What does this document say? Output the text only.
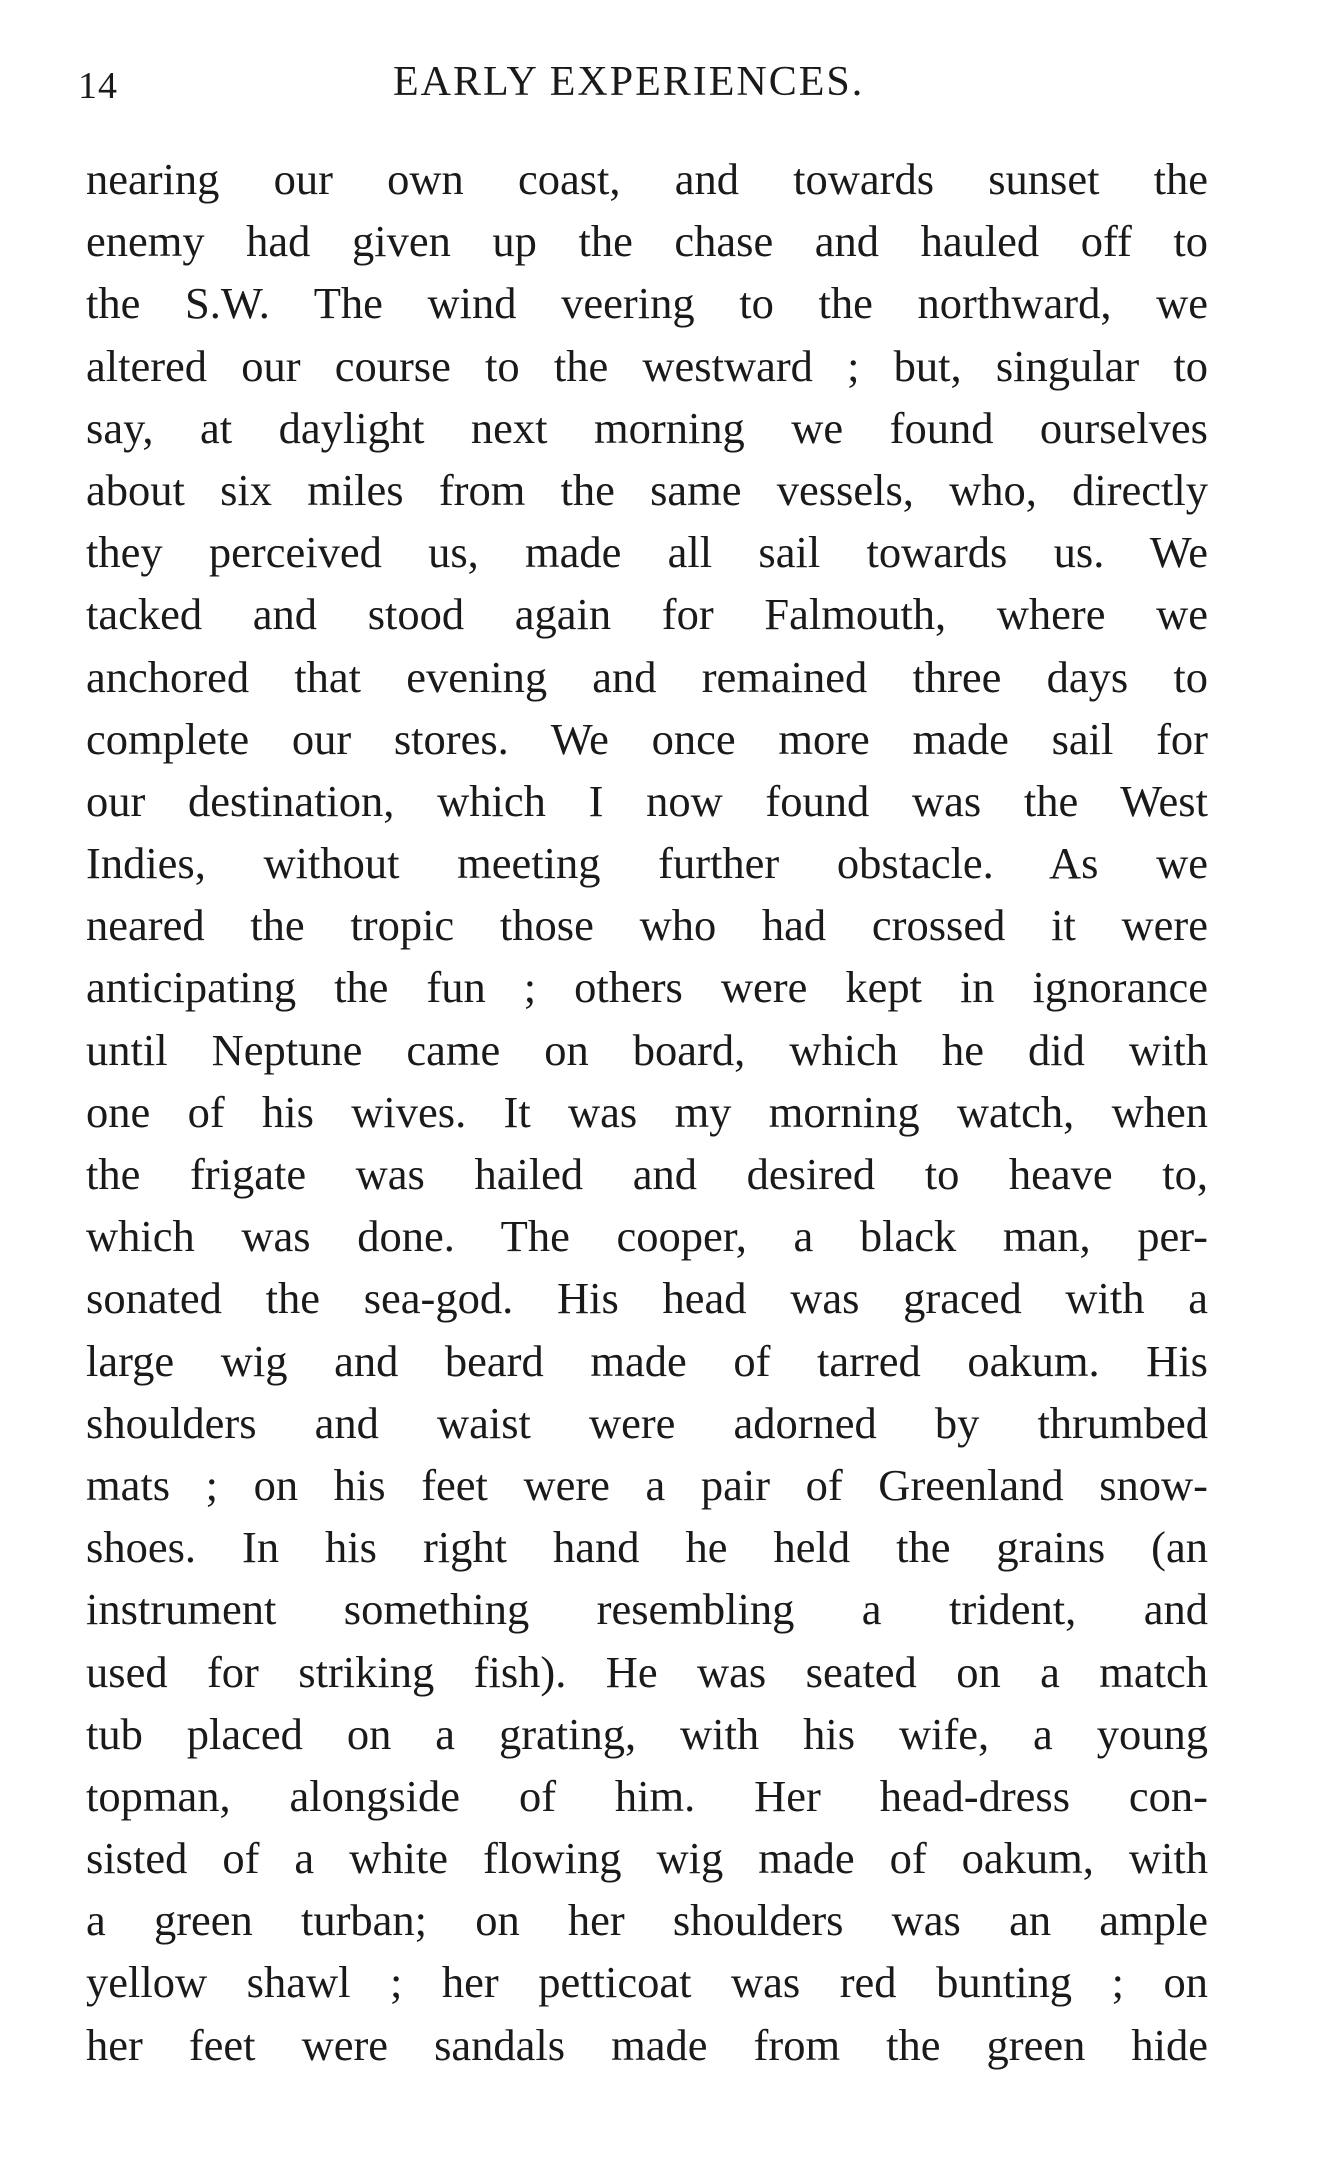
14	EARLY EXPERIENCES.
nearing our own coast, and towards sunset the
enemy had given up the chase and hauled off to
the S.W. The wind veering to the northward, we
altered our course to the westward ; but, singular to
say, at daylight next morning we found ourselves
about six miles from the same vessels, who, directly
they perceived us, made all sail towards us. We
tacked and stood again for Falmouth, where we
anchored that evening and remained three days to
complete our stores. We once more made sail for
our destination, which I now found was the West
Indies, without meeting further obstacle. As we
neared the tropic those who had crossed it were
anticipating the fun ; others were kept in ignorance
until Neptune came on board, which he did with
one of his wives. It was my morning watch, when
the frigate was hailed and desired to heave to,
which was done. The cooper, a black man, per-
sonated the sea-god. His head was graced with a
large wig and beard made of tarred oakum. His
shoulders and waist were adorned by thrumbed
mats ; on his feet were a pair of Greenland snow-
shoes. In his right hand he held the grains (an
instrument something resembling a trident, and
used for striking fish). He was seated on a match
tub placed on a grating, with his wife, a young
topman, alongside of him. Her head-dress con-
sisted of a white flowing wig made of oakum, with
a green turban; on her shoulders was an ample
yellow shawl ; her petticoat was red bunting ; on
her feet were sandals made from the green hide
